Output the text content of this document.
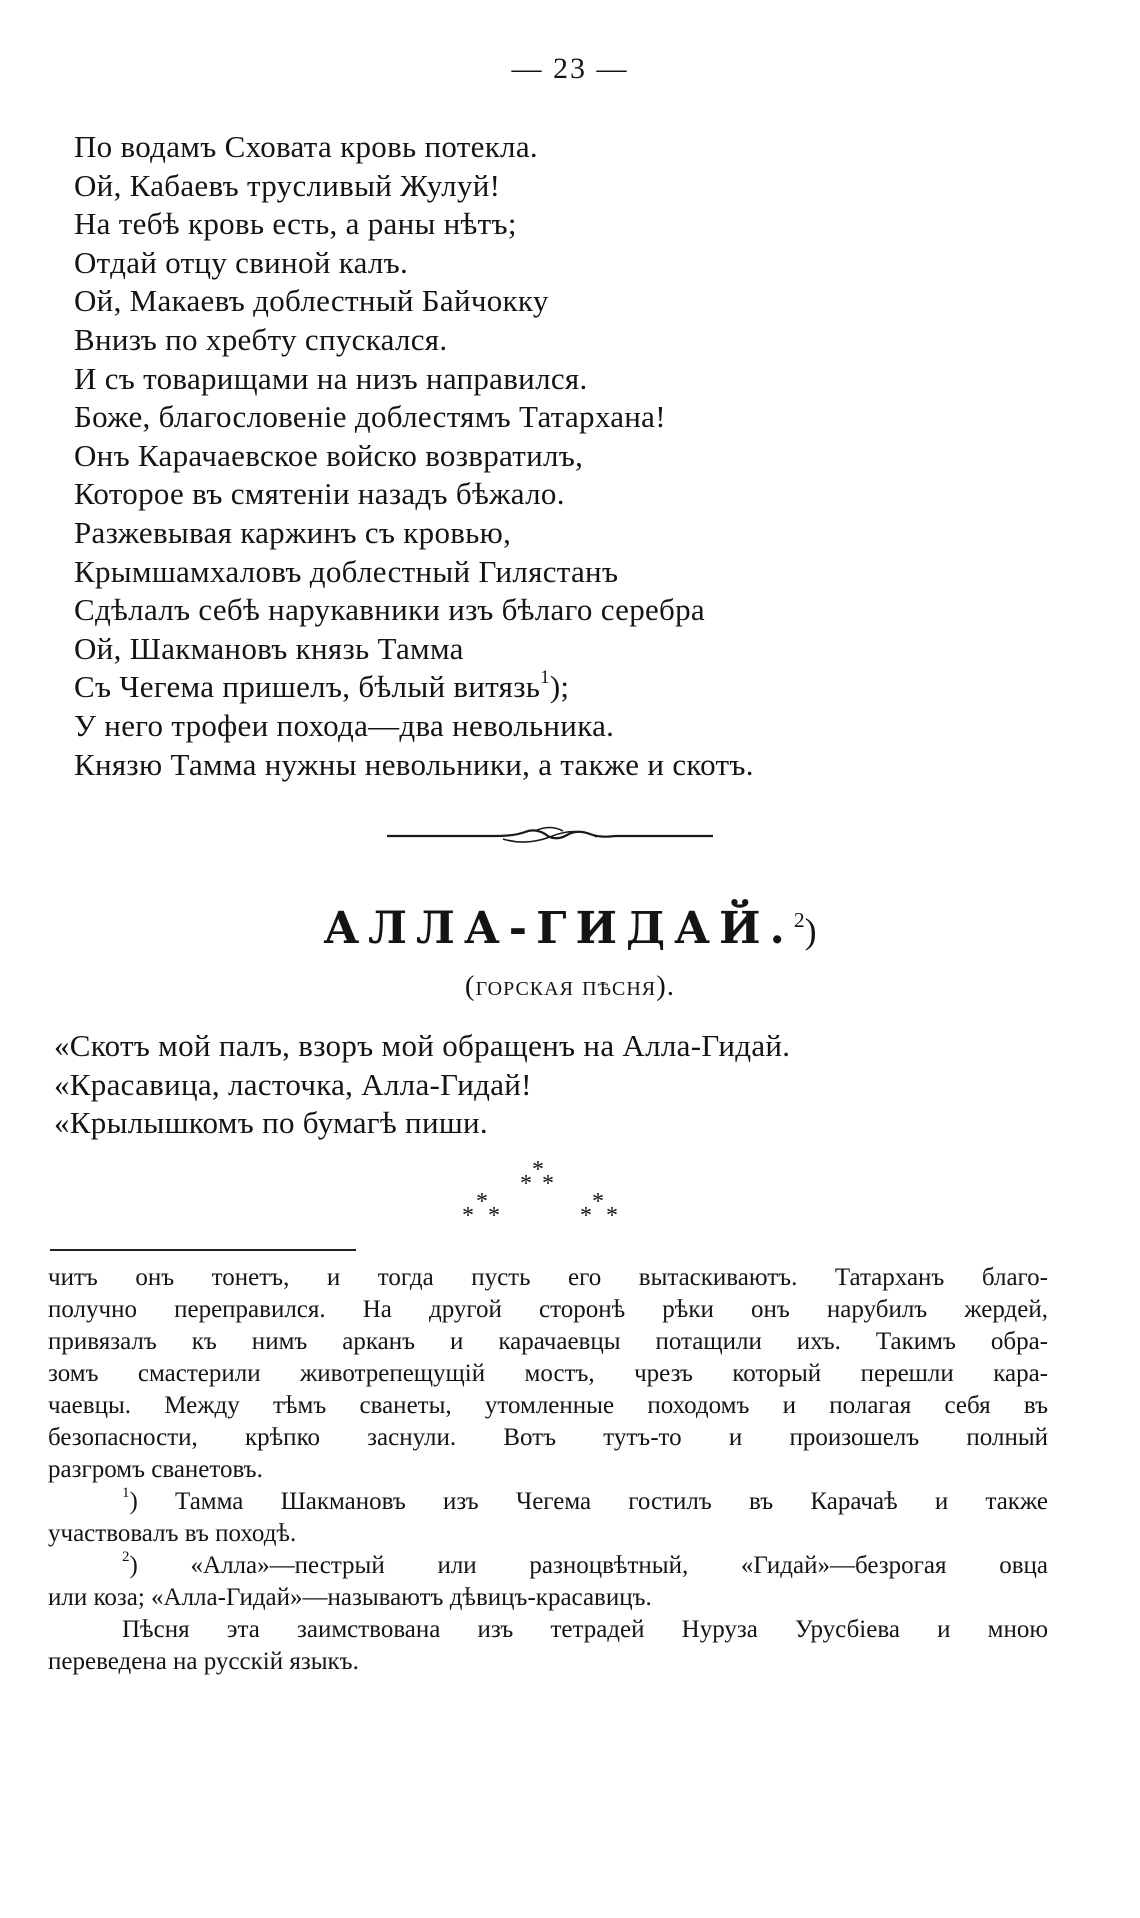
— 23 —
По водамъ Сховата кровь потекла.
Ой, Кабаевъ трусливый Жулуй!
На тебѣ кровь есть, а раны нѣтъ;
Отдай отцу свиной калъ.
Ой, Макаевъ доблестный Байчокку
Внизъ по хребту спускался.
И съ товарищами на низъ направился.
Боже, благословеніе доблестямъ Татархана!
Онъ Карачаевское войско возвратилъ,
Которое въ смятеніи назадъ бѣжало.
Разжевывая каржинъ съ кровью,
Крымшамхаловъ доблестный Гилястанъ
Сдѣлалъ себѣ нарукавники изъ бѣлаго серебра
Ой, Шакмановъ князь Тамма
Съ Чегема пришелъ, бѣлый витязь$^1$);
У него трофеи похода—два невольника.
Князю Тамма нужны невольники, а также и скотъ.
АЛЛА-ГИДАЙ.$^2$)
(горская пѣсня).
«Скотъ мой палъ, взоръ мой обращенъ на Алла-Гидай.
«Красавица, ласточка, Алла-Гидай!
«Крылышкомъ по бумагѣ пиши.
*
* *
*
* *
*
* *

читъ онъ тонетъ, и тогда пусть его вытаскиваютъ. Татарханъ благо-

получно переправился. На другой сторонѣ рѣки онъ нарубилъ жердей,

привязалъ къ нимъ арканъ и карачаевцы потащили ихъ. Такимъ обра-

зомъ смастерили животрепещущій мостъ, чрезъ который перешли кара-

чаевцы. Между тѣмъ сванеты, утомленные походомъ и полагая себя въ

безопасности, крѣпко заснули. Вотъ тутъ-то и произошелъ полный

разгромъ сванетовъ.

$^1$) Тамма Шакмановъ изъ Чегема гостилъ въ Карачаѣ и также

участвовалъ въ походѣ.

$^2$) «Алла»—пестрый или разноцвѣтный, «Гидай»—безрогая овца

или коза; «Алла-Гидай»—называютъ дѣвицъ-красавицъ.

Пѣсня эта заимствована изъ тетрадей Нуруза Урусбіева и мною

переведена на русскій языкъ.
